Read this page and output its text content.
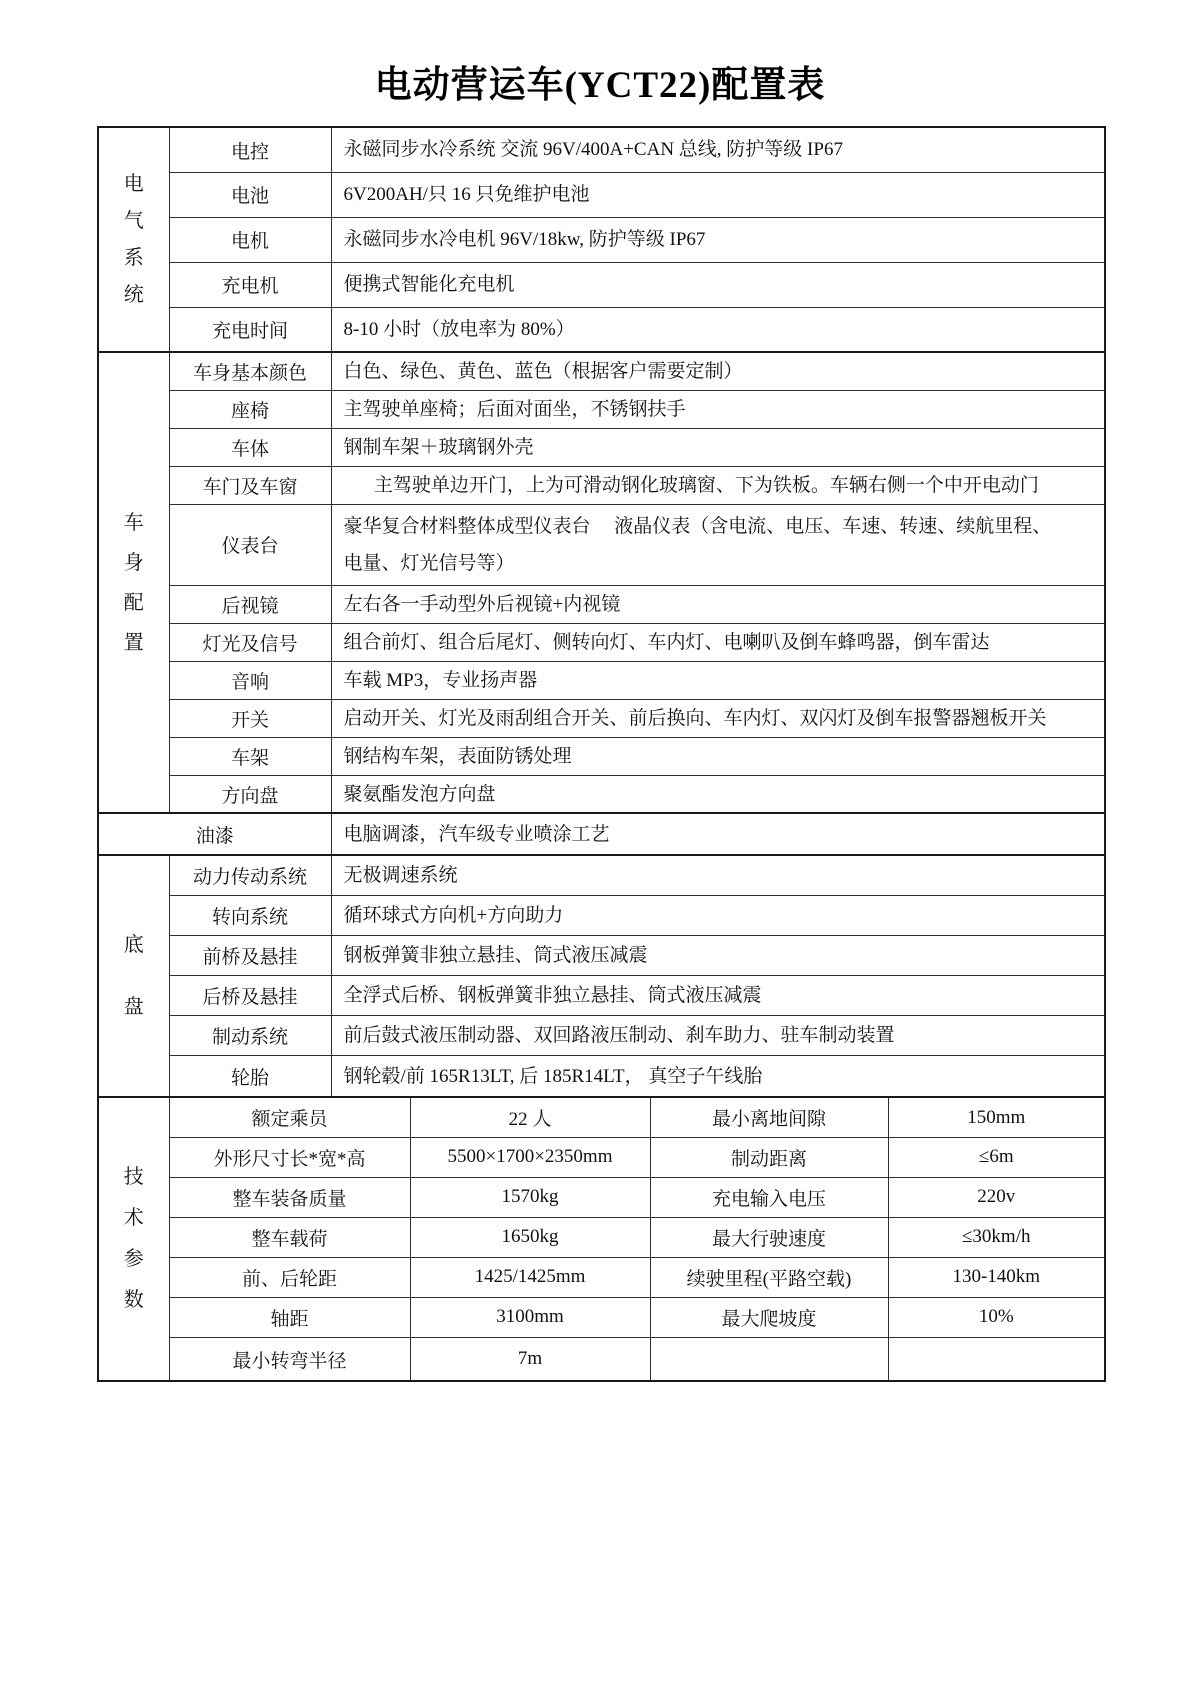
电动营运车(YCT22)配置表
电气系统	电控	永磁同步水冷系统 交流 96V/400A+CAN 总线, 防护等级 IP67			
	电池	6V200AH/只 16 只免维护电池			
	电机	永磁同步水冷电机 96V/18kw, 防护等级 IP67			
	充电机	便携式智能化充电机			
	充电时间	8-10 小时（放电率为 80%）			

车身配置	车身基本颜色	白色、绿色、黄色、蓝色（根据客户需要定制）			
	座椅	主驾驶单座椅；后面对面坐，不锈钢扶手			
	车体	钢制车架＋玻璃钢外壳			
	车门及车窗	主驾驶单边开门，上为可滑动钢化玻璃窗、下为铁板。车辆右侧一个中开电动门			
	仪表台	豪华复合材料整体成型仪表台　 液晶仪表（含电流、电压、车速、转速、续航里程、电量、灯光信号等）			
	后视镜	左右各一手动型外后视镜+内视镜			
	灯光及信号	组合前灯、组合后尾灯、侧转向灯、车内灯、电喇叭及倒车蜂鸣器，倒车雷达			
	音响	车载 MP3，专业扬声器			
	开关	启动开关、灯光及雨刮组合开关、前后换向、车内灯、双闪灯及倒车报警器翘板开关			
	车架	钢结构车架，表面防锈处理			
	方向盘	聚氨酯发泡方向盘			
油漆		电脑调漆，汽车级专业喷涂工艺			

底盘	动力传动系统	无极调速系统			
	转向系统	循环球式方向机+方向助力			
	前桥及悬挂	钢板弹簧非独立悬挂、筒式液压减震			
	后桥及悬挂	全浮式后桥、钢板弹簧非独立悬挂、筒式液压减震			
	制动系统	前后鼓式液压制动器、双回路液压制动、刹车助力、驻车制动装置			
	轮胎	钢轮毂/前 165R13LT, 后 185R14LT， 真空子午线胎			

技术参数	额定乘员		22 人	最小离地间隙	150mm
	外形尺寸长*宽*高		5500×1700×2350mm	制动距离	≤6m
	整车装备质量		1570kg	充电输入电压	220v
	整车载荷		1650kg	最大行驶速度	≤30km/h
	前、后轮距		1425/1425mm	续驶里程(平路空载)	130-140km
	轴距		3100mm	最大爬坡度	10%
	最小转弯半径		7m		
